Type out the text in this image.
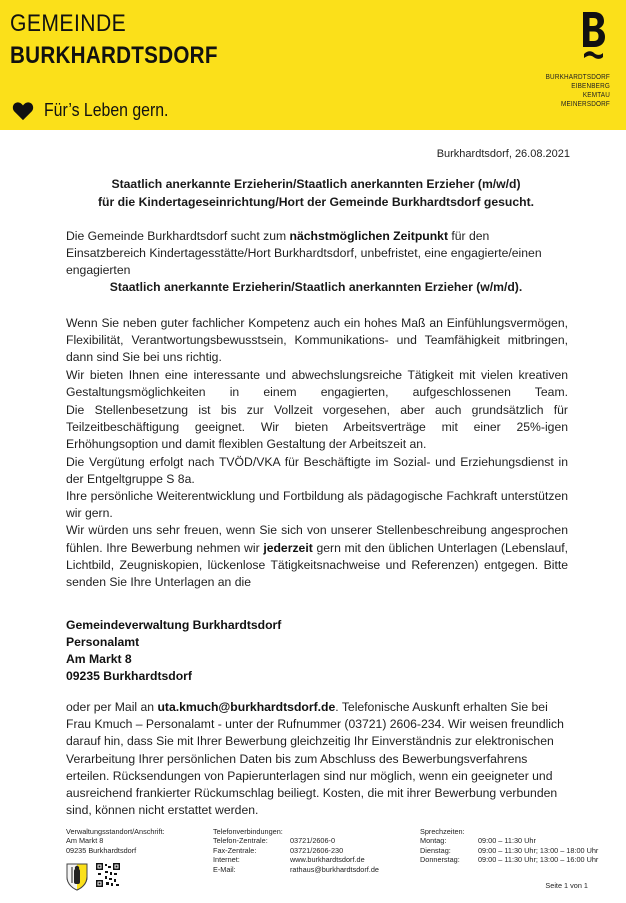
GEMEINDE
BURKHARDTSDORF
Für’s Leben gern.
BURKHARDTSDORF
EIBENBERG
KEMTAU
MEINERSDORF
Burkhardtsdorf, 26.08.2021
Staatlich anerkannte Erzieherin/Staatlich anerkannten Erzieher (m/w/d)
für die Kindertageseinrichtung/Hort der Gemeinde Burkhardtsdorf gesucht.
Die Gemeinde Burkhardtsdorf sucht zum nächstmöglichen Zeitpunkt für den Einsatzbereich Kindertagesstätte/Hort Burkhardtsdorf, unbefristet, eine engagierte/einen engagierten
Staatlich anerkannte Erzieherin/Staatlich anerkannten Erzieher (w/m/d).
Wenn Sie neben guter fachlicher Kompetenz auch ein hohes Maß an Einfühlungsvermögen, Flexibilität, Verantwortungsbewusstsein, Kommunikations- und Teamfähigkeit mitbringen, dann sind Sie bei uns richtig.
Wir bieten Ihnen eine interessante und abwechslungsreiche Tätigkeit mit vielen kreativen Gestaltungsmöglichkeiten in einem engagierten, aufgeschlossenen Team.
Die Stellenbesetzung ist bis zur Vollzeit vorgesehen, aber auch grundsätzlich für Teilzeitbeschäftigung geeignet. Wir bieten Arbeitsverträge mit einer 25%-igen Erhöhungsoption und damit flexiblen Gestaltung der Arbeitszeit an.
Die Vergütung erfolgt nach TVÖD/VKA für Beschäftigte im Sozial- und Erziehungsdienst in der Entgeltgruppe S 8a.
Ihre persönliche Weiterentwicklung und Fortbildung als pädagogische Fachkraft unterstützen wir gern.
Wir würden uns sehr freuen, wenn Sie sich von unserer Stellenbeschreibung angesprochen fühlen. Ihre Bewerbung nehmen wir jederzeit gern mit den üblichen Unterlagen (Lebenslauf, Lichtbild, Zeugniskopien, lückenlose Tätigkeitsnachweise und Referenzen) entgegen. Bitte senden Sie Ihre Unterlagen an die
Gemeindeverwaltung Burkhardtsdorf
Personalamt
Am Markt 8
09235 Burkhardtsdorf
oder per Mail an uta.kmuch@burkhardtsdorf.de. Telefonische Auskunft erhalten Sie bei Frau Kmuch – Personalamt - unter der Rufnummer (03721) 2606-234. Wir weisen freundlich darauf hin, dass Sie mit Ihrer Bewerbung gleichzeitig Ihr Einverständnis zur elektronischen Verarbeitung Ihrer persönlichen Daten bis zum Abschluss des Bewerbungsverfahrens erteilen. Rücksendungen von Papierunterlagen sind nur möglich, wenn ein geeigneter und ausreichend frankierter Rückumschlag beiliegt. Kosten, die mit ihrer Bewerbung verbunden sind, können nicht erstattet werden.
Verwaltungsstandort/Anschrift:
Am Markt 8
09235 Burkhardtsdorf
Telefonverbindungen:
Telefon-Zentrale:	03721/2606-0
Fax-Zentrale:	03721/2606-230
Internet:	www.burkhardtsdorf.de
E-Mail:	rathaus@burkhardtsdorf.de
Sprechzeiten:
Montag:	09:00 – 11:30 Uhr
Dienstag:	09:00 – 11:30 Uhr; 13:00 – 18:00 Uhr
Donnerstag:	09:00 – 11:30 Uhr; 13:00 – 16:00 Uhr
Seite 1 von 1
